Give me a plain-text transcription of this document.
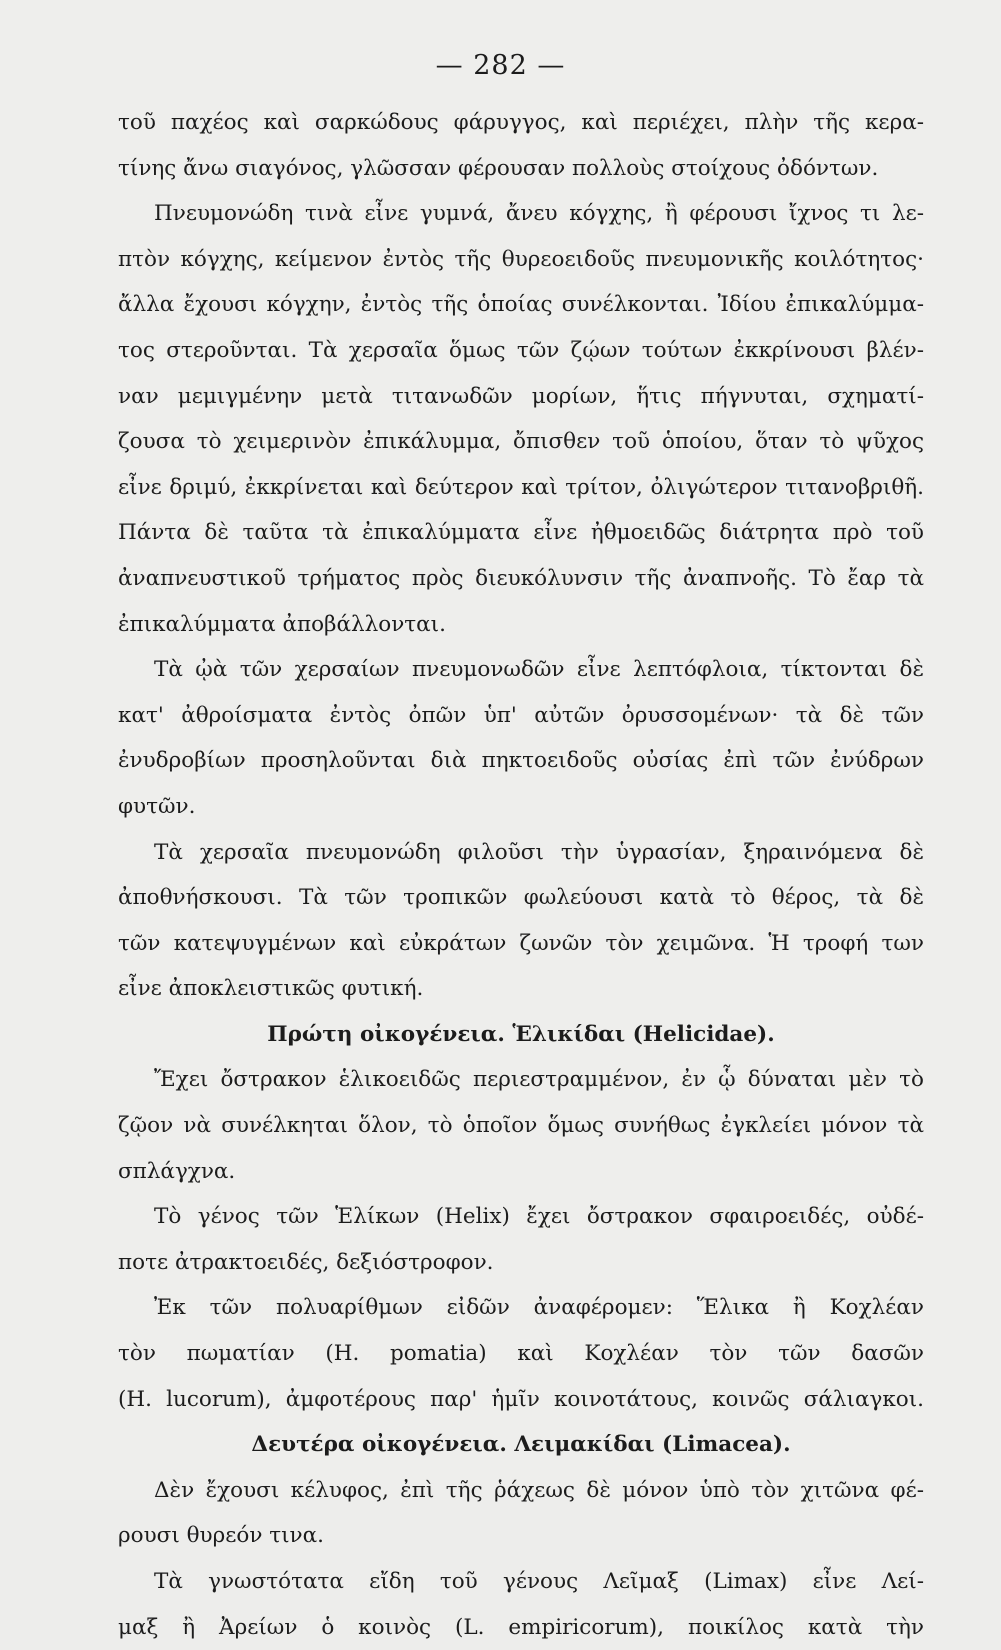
— 282 —
τοῦ παχέος καὶ σαρκώδους φάρυγγος, καὶ περιέχει, πλὴν τῆς κερα-
τίνης ἄνω σιαγόνος, γλῶσσαν φέρουσαν πολλοὺς στοίχους ὀδόντων.
Πνευμονώδη τινὰ εἶνε γυμνά, ἄνευ κόγχης, ἢ φέρουσι ἴχνος τι λε-
πτὸν κόγχης, κείμενον ἐντὸς τῆς θυρεοειδοῦς πνευμονικῆς κοιλότητος·
ἄλλα ἔχουσι κόγχην, ἐντὸς τῆς ὁποίας συνέλκονται. Ἰδίου ἐπικαλύμμα-
τος στεροῦνται. Τὰ χερσαῖα ὅμως τῶν ζῴων τούτων ἐκκρίνουσι βλέν-
ναν μεμιγμένην μετὰ τιτανωδῶν μορίων, ἥτις πήγνυται, σχηματί-
ζουσα τὸ χειμερινὸν ἐπικάλυμμα, ὄπισθεν τοῦ ὁποίου, ὅταν τὸ ψῦχος
εἶνε δριμύ, ἐκκρίνεται καὶ δεύτερον καὶ τρίτον, ὀλιγώτερον τιτανοβριθῆ.
Πάντα δὲ ταῦτα τὰ ἐπικαλύμματα εἶνε ἠθμοειδῶς διάτρητα πρὸ τοῦ
ἀναπνευστικοῦ τρήματος πρὸς διευκόλυνσιν τῆς ἀναπνοῆς. Τὸ ἔαρ τὰ
ἐπικαλύμματα ἀποβάλλονται.
Τὰ ᾠὰ τῶν χερσαίων πνευμονωδῶν εἶνε λεπτόφλοια, τίκτονται δὲ
κατ' ἀθροίσματα ἐντὸς ὀπῶν ὑπ' αὐτῶν ὀρυσσομένων· τὰ δὲ τῶν
ἐνυδροβίων προσηλοῦνται διὰ πηκτοειδοῦς οὐσίας ἐπὶ τῶν ἐνύδρων
φυτῶν.
Τὰ χερσαῖα πνευμονώδη φιλοῦσι τὴν ὑγρασίαν, ξηραινόμενα δὲ
ἀποθνήσκουσι. Τὰ τῶν τροπικῶν φωλεύουσι κατὰ τὸ θέρος, τὰ δὲ
τῶν κατεψυγμένων καὶ εὐκράτων ζωνῶν τὸν χειμῶνα. Ἡ τροφή των
εἶνε ἀποκλειστικῶς φυτική.
Πρώτη οἰκογένεια. Ἑλικίδαι (Helicidae).
Ἔχει ὄστρακον ἑλικοειδῶς περιεστραμμένον, ἐν ᾧ δύναται μὲν τὸ
ζῷον νὰ συνέλκηται ὅλον, τὸ ὁποῖον ὅμως συνήθως ἐγκλείει μόνον τὰ
σπλάγχνα.
Τὸ γένος τῶν Ἑλίκων (Helix) ἔχει ὄστρακον σφαιροειδές, οὐδέ-
ποτε ἀτρακτοειδές, δεξιόστροφον.
Ἐκ τῶν πολυαρίθμων εἰδῶν ἀναφέρομεν: Ἕλικα ἢ Κοχλέαν
τὸν πωματίαν (H. pomatia) καὶ Κοχλέαν τὸν τῶν δασῶν
(H. lucorum), ἀμφοτέρους παρ' ἡμῖν κοινοτάτους, κοινῶς σάλιαγκοι.
Δευτέρα οἰκογένεια. Λειμακίδαι (Limacea).
Δὲν ἔχουσι κέλυφος, ἐπὶ τῆς ῥάχεως δὲ μόνον ὑπὸ τὸν χιτῶνα φέ-
ρουσι θυρεόν τινα.
Τὰ γνωστότατα εἴδη τοῦ γένους Λεῖμαξ (Limax) εἶνε Λεί-
μαξ ἢ Ἀρείων ὁ κοινὸς (L. empiricorum), ποικίλος κατὰ τὴν
